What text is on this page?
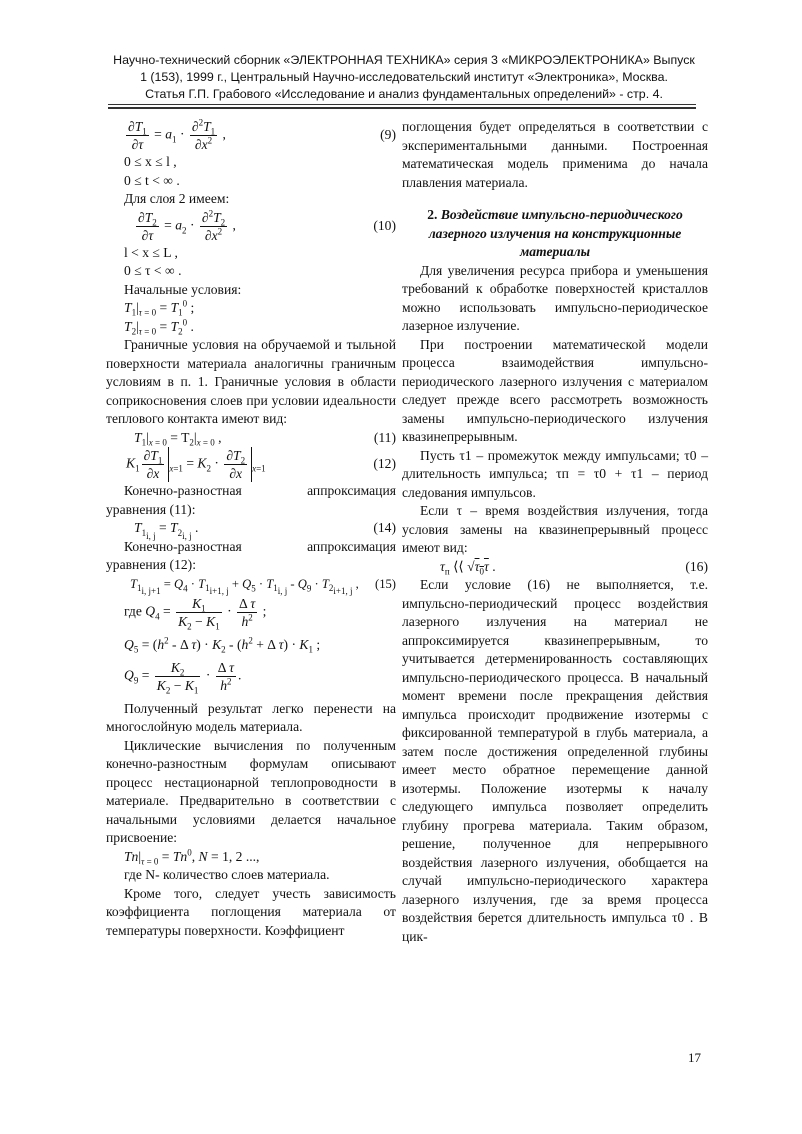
Научно-технический сборник «ЭЛЕКТРОННАЯ ТЕХНИКА» серия 3 «МИКРОЭЛЕКТРОНИКА» Выпуск
1 (153), 1999 г., Центральный Научно-исследовательский институт «Электроника», Москва.
Статья Г.П. Грабового «Исследование и анализ фундаментальных определений» - стр. 4.
$\frac{\partial T_1}{\partial\tau} = a_1 \cdot \frac{\partial^2T_1}{\partial x^2}$ ,	(9)
0 ≤ x ≤ l ,
0 ≤ t < ∞ .
Для слоя 2 имеем:
$\frac{\partial T_2}{\partial\tau} = a_2 \cdot \frac{\partial^2T_2}{\partial x^2}$ ,	(10)
l < x ≤ L ,
0 ≤ τ < ∞ .
Начальные условия:
$T_1|_{\tau = 0} = T_1^0$ ;
$T_2|_{\tau = 0} = T_2^0$ .

Граничные условия на обручаемой и тыльной поверхности материала аналогичны граничным условиям в п. 1. Граничные условия в области соприкосновения слоев при условии идеальности теплового контакта имеют вид:

$T_1|_{x = 0} = T_2|_{x = 0}$ ,	(11)
$K_1 \frac{\partial T_1}{\partial x} _{x=1} = K_2 \cdot \frac{\partial T_2}{\partial x} _{x=1}$	(12)

Конечно-разностная аппроксимация уравнения (11):

$T_{1_{i, j}} = T_{2_{i, j}}$ .	(14)

Конечно-разностная аппроксимация уравнения (12):

$T_{1_{i, j+1}} = Q_4 \cdot T_{1_{i+1, j}} + Q_5 \cdot T_{1_{i, j}} - Q_9 \cdot T_{2_{i+1, j}}$ , (15)
где $Q_4 = \frac{K_1}{K_2 - K_1} \cdot \frac{\text{Δ τ}}{h^2}$ ;
$Q_5 = (h^2 - \Delta$ $\tau) \cdot K_2 - (h^2 + \Delta$ $\tau) \cdot K_1$ ;
$Q_9 = \frac{K_2}{K_2 - K_1} \cdot \frac{\text{Δ τ}}{h^2}$ .

Полученный результат легко перенести на многослойную модель материала.

Циклические вычисления по полученным конечно-разностным формулам описывают процесс нестационарной теплопроводности в материале. Предварительно в соответствии с начальными условиями делается начальное присвоение:

$Tn|_{\tau = 0} = Tn^0$, N = 1, 2 ...,
где N- количество слоев материала.

Кроме того, следует учесть зависимость коэффициента поглощения материала от температуры поверхности. Коэффициент

поглощения будет определяться в соответствии с экспериментальными данными. Построенная математическая модель применима до начала плавления материала.

2. Воздействие импульсно-периодического лазерного излучения на конструкционные материалы

Для увеличения ресурса прибора и уменьшения требований к обработке поверхностей кристаллов можно использовать импульсно-периодическое лазерное излучение.

При построении математической модели процесса взаимодействия импульсно-периодического лазерного излучения с материалом следует прежде всего рассмотреть возможность замены импульсно-периодического излучения квазинепрерывным.

Пусть τ1 – промежуток между импульсами; τ0 – длительность импульса; τп = τ0 + τ1 – период следования импульсов.

Если τ – время воздействия излучения, тогда условия замены на квазинепрерывный процесс имеют вид:

$\tau_п$ ⟨⟨ $√\tau_0\tau$ .	(16)

Если условие (16) не выполняется, т.е. импульсно-периодический процесс воздействия лазерного излучения на материал не аппроксимируется квазинепрерывным, то учитывается детерменированность составляющих импульсно-периодического процесса. В начальный момент времени после прекращения действия импульса происходит продвижение изотермы с фиксированной температурой в глубь материала, а затем после достижения определенной глубины имеет место обратное перемещение данной изотермы. Положение изотермы к началу следующего импульса позволяет определить глубину прогрева материала. Таким образом, решение, полученное для непрерывного воздействия лазерного излучения, обобщается на случай импульсно-периодического характера лазерного излучения, где за время процесса воздействия берется длительность импульса τ0 . В цик-

17
